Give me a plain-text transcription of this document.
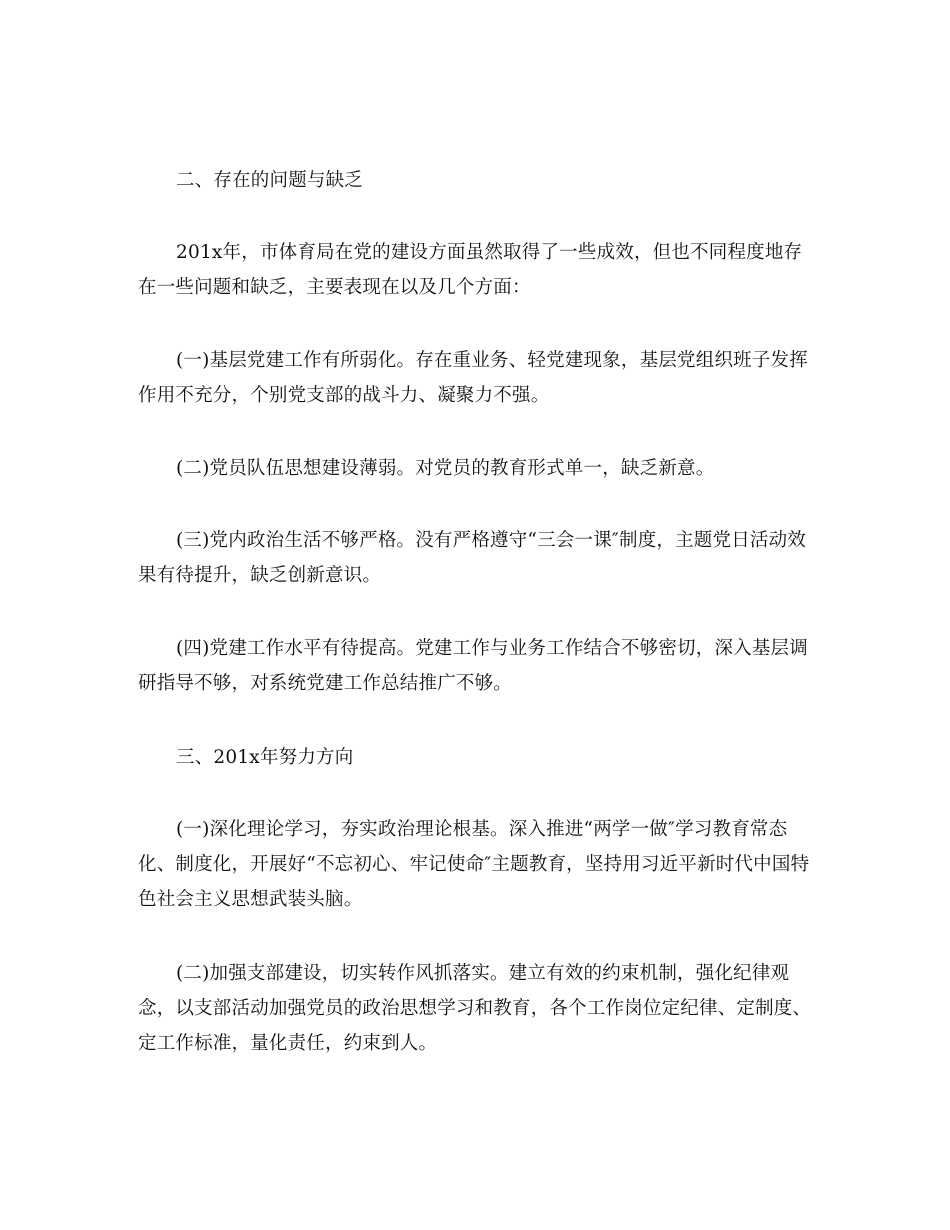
二、存在的问题与缺乏

201x年，市体育局在党的建设方面虽然取得了一些成效，但也不同程度地存在一些问题和缺乏，主要表现在以及几个方面：

(一)基层党建工作有所弱化。存在重业务、轻党建现象，基层党组织班子发挥作用不充分，个别党支部的战斗力、凝聚力不强。

(二)党员队伍思想建设薄弱。对党员的教育形式单一，缺乏新意。

(三)党内政治生活不够严格。没有严格遵守“三会一课″制度，主题党日活动效果有待提升，缺乏创新意识。

(四)党建工作水平有待提高。党建工作与业务工作结合不够密切，深入基层调研指导不够，对系统党建工作总结推广不够。

三、201x年努力方向

(一)深化理论学习，夯实政治理论根基。深入推进“两学一做″学习教育常态化、制度化，开展好“不忘初心、牢记使命″主题教育，坚持用习近平新时代中国特色社会主义思想武装头脑。

(二)加强支部建设，切实转作风抓落实。建立有效的约束机制，强化纪律观念，以支部活动加强党员的政治思想学习和教育，各个工作岗位定纪律、定制度、定工作标准，量化责任，约束到人。
